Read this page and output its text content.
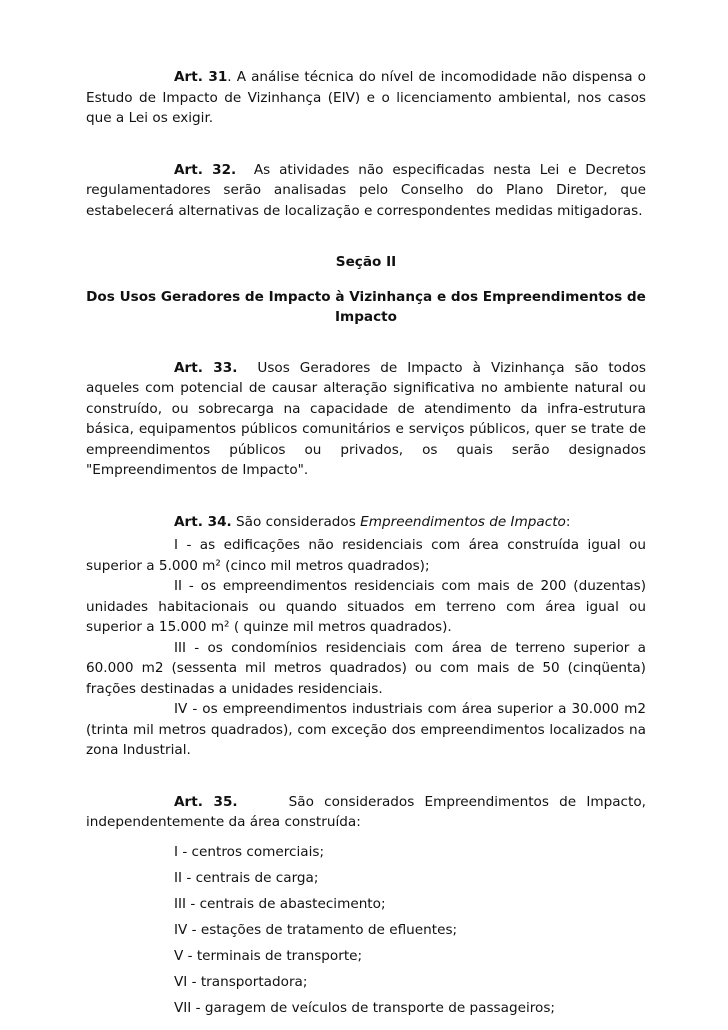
Art. 31. A análise técnica do nível de incomodidade não dispensa o Estudo de Impacto de Vizinhança (EIV) e o licenciamento ambiental, nos casos que a Lei os exigir.

Art. 32.  As atividades não especificadas nesta Lei e Decretos regulamentadores serão analisadas pelo Conselho do Plano Diretor, que estabelecerá alternativas de localização e correspondentes medidas mitigadoras.

Seção II
Dos Usos Geradores de Impacto à Vizinhança e dos Empreendimentos de
Impacto

Art. 33.  Usos Geradores de Impacto à Vizinhança são todos aqueles com potencial de causar alteração significativa no ambiente natural ou construído, ou sobrecarga na capacidade de atendimento da infra-estrutura básica, equipamentos públicos comunitários e serviços públicos, quer se trate de empreendimentos públicos ou privados, os quais serão designados "Empreendimentos de Impacto".

Art. 34. São considerados Empreendimentos de Impacto:

I - as edificações não residenciais com área construída igual ou superior a 5.000 m² (cinco mil metros quadrados);

II - os empreendimentos residenciais com mais de 200 (duzentas) unidades habitacionais ou quando situados em terreno com área igual ou superior a 15.000 m² ( quinze mil metros quadrados).

III - os condomínios residenciais com área de terreno superior a 60.000 m2 (sessenta mil metros quadrados) ou com mais de 50 (cinqüenta) frações destinadas a unidades residenciais.

IV - os empreendimentos industriais com área superior a 30.000 m2 (trinta mil metros quadrados), com exceção dos empreendimentos localizados na zona Industrial.

Art. 35.     São considerados Empreendimentos de Impacto, independentemente da área construída:

I - centros comerciais;
II - centrais de carga;
III - centrais de abastecimento;
IV - estações de tratamento de efluentes;
V - terminais de transporte;
VI - transportadora;
VII - garagem de veículos de transporte de passageiros;
